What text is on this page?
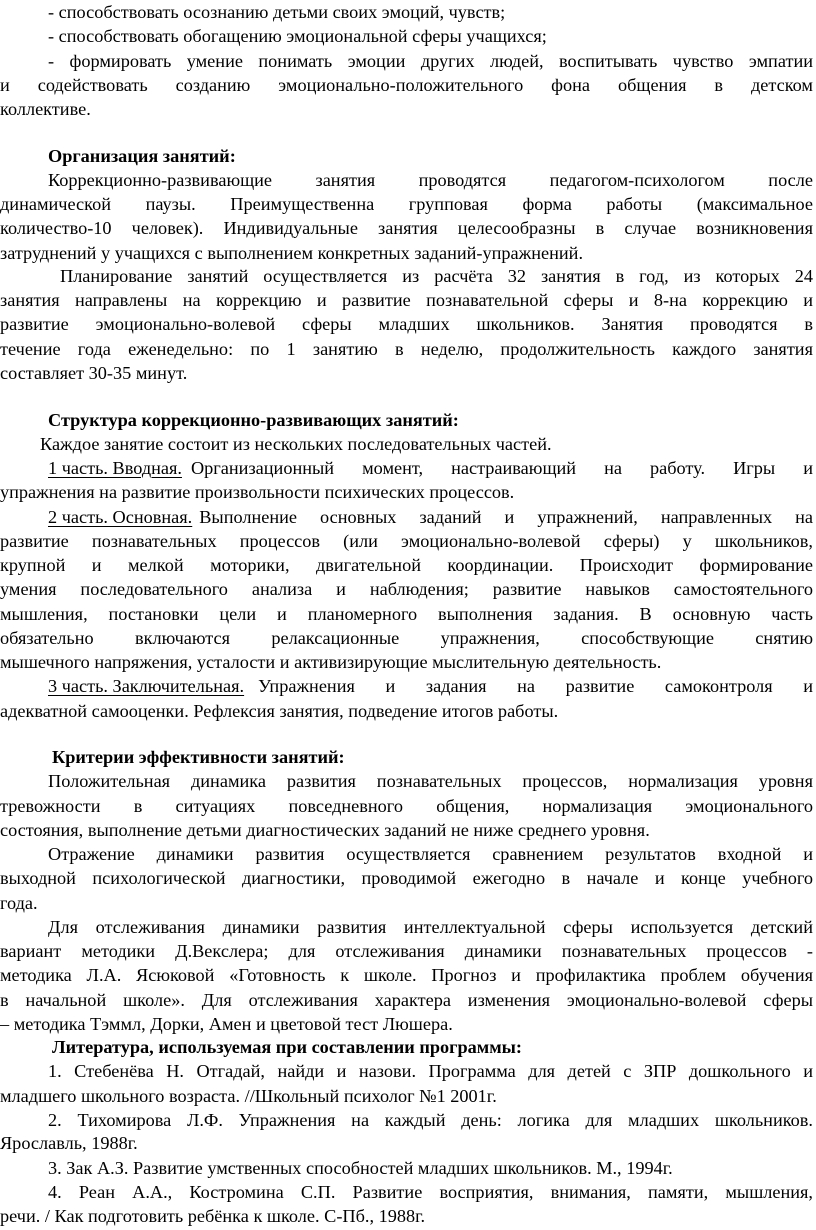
- способствовать осознанию детьми своих эмоций, чувств;
- способствовать обогащению эмоциональной сферы учащихся;
- формировать умение понимать эмоции других людей, воспитывать чувство эмпатии
и содействовать созданию эмоционально-положительного фона общения в детском
коллективе.
Организация занятий:
Коррекционно-развивающие занятия проводятся педагогом-психологом после
динамической паузы. Преимущественна групповая форма работы (максимальное
количество-10 человек). Индивидуальные занятия целесообразны в случае возникновения
затруднений у учащихся с выполнением конкретных заданий-упражнений.
Планирование занятий осуществляется из расчёта 32 занятия в год, из которых 24
занятия направлены на коррекцию и развитие познавательной сферы и 8-на коррекцию и
развитие эмоционально-волевой сферы младших школьников. Занятия проводятся в
течение года еженедельно: по 1 занятию в неделю, продолжительность каждого занятия
составляет 30-35 минут.
Структура коррекционно-развивающих занятий:
Каждое занятие состоит из нескольких последовательных частей.
1 часть. Вводная. Организационный момент, настраивающий на работу. Игры и
упражнения на развитие произвольности психических процессов.
2 часть. Основная. Выполнение основных заданий и упражнений, направленных на
развитие познавательных процессов (или эмоционально-волевой сферы) у школьников,
крупной и мелкой моторики, двигательной координации. Происходит формирование
умения последовательного анализа и наблюдения; развитие навыков самостоятельного
мышления, постановки цели и планомерного выполнения задания. В основную часть
обязательно включаются релаксационные упражнения, способствующие снятию
мышечного напряжения, усталости и активизирующие мыслительную деятельность.
3 часть. Заключительная. Упражнения и задания на развитие самоконтроля и
адекватной самооценки. Рефлексия занятия, подведение итогов работы.
Критерии эффективности занятий:
Положительная динамика развития познавательных процессов, нормализация уровня
тревожности в ситуациях повседневного общения, нормализация эмоционального
состояния, выполнение детьми диагностических заданий не ниже среднего уровня.
Отражение динамики развития осуществляется сравнением результатов входной и
выходной психологической диагностики, проводимой ежегодно в начале и конце учебного
года.
Для отслеживания динамики развития интеллектуальной сферы используется детский
вариант методики Д.Векслера; для отслеживания динамики познавательных процессов -
методика Л.А. Ясюковой «Готовность к школе. Прогноз и профилактика проблем обучения
в начальной школе». Для отслеживания характера изменения эмоционально-волевой сферы
– методика Тэммл, Дорки, Амен и цветовой тест Люшера.
Литература, используемая при составлении программы:
1. Стебенёва Н. Отгадай, найди и назови. Программа для детей с ЗПР дошкольного и
младшего школьного возраста. //Школьный психолог №1 2001г.
2. Тихомирова Л.Ф. Упражнения на каждый день: логика для младших школьников.
Ярославль, 1988г.
3. Зак А.З. Развитие умственных способностей младших школьников. М., 1994г.
4. Реан А.А., Костромина С.П. Развитие восприятия, внимания, памяти, мышления,
речи. / Как подготовить ребёнка к школе. С-Пб., 1988г.
